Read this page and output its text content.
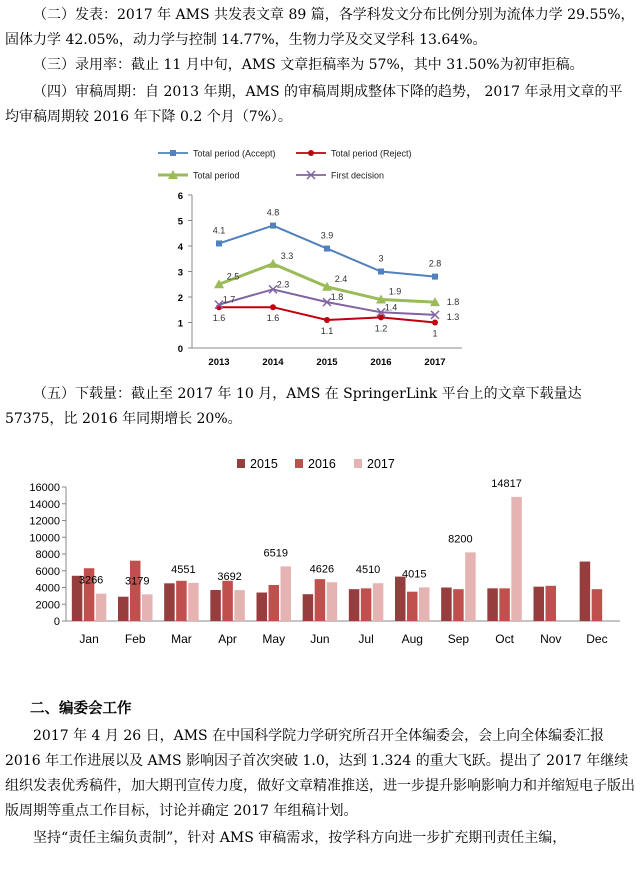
（二）发表：2017 年 AMS 共发表文章 89 篇，各学科发文分布比例分别为流体力学 29.55%，固体力学 42.05%，动力学与控制 14.77%，生物力学及交叉学科 13.64%。
（三）录用率：截止 11 月中旬，AMS 文章拒稿率为 57%，其中 31.50%为初审拒稿。
（四）审稿周期：自 2013 年期，AMS 的审稿周期成整体下降的趋势， 2017 年录用文章的平均审稿周期较 2016 年下降 0.2 个月（7%）。
0
1
2
3
4
5
6
2013	2014	2015	2016	2017
Total period (Accept)	Total period (Reject)
Total period	First decision
4.1
4.8
3.9
3
2.8
1.6	1.6
1.1	1.2
1
2.5
3.3
2.4
1.9
1.8
1.7
2.3
1.8
1.4
1.3
（五）下载量：截止至 2017 年 10 月，AMS 在 SpringerLink 平台上的文章下载量达 57375，比 2016 年同期增长 20%。
0
2000
4000
6000
8000
10000
12000
14000
16000
Jan Feb Mar Apr May Jun Jul Aug Sep Oct Nov Dec
2015 2016 2017
3266 3179
4551
3692
6519
4626 4510 4015
8200
14817
二、编委会工作
2017 年 4 月 26 日，AMS 在中国科学院力学研究所召开全体编委会，会上向全体编委汇报 2016 年工作进展以及 AMS 影响因子首次突破 1.0，达到 1.324 的重大飞跃。提出了 2017 年继续组织发表优秀稿件，加大期刊宣传力度，做好文章精准推送，进一步提升影响影响力和并缩短电子版出版周期等重点工作目标，讨论并确定 2017 年组稿计划。
坚持“责任主编负责制”，针对 AMS 审稿需求，按学科方向进一步扩充期刊责任主编，
